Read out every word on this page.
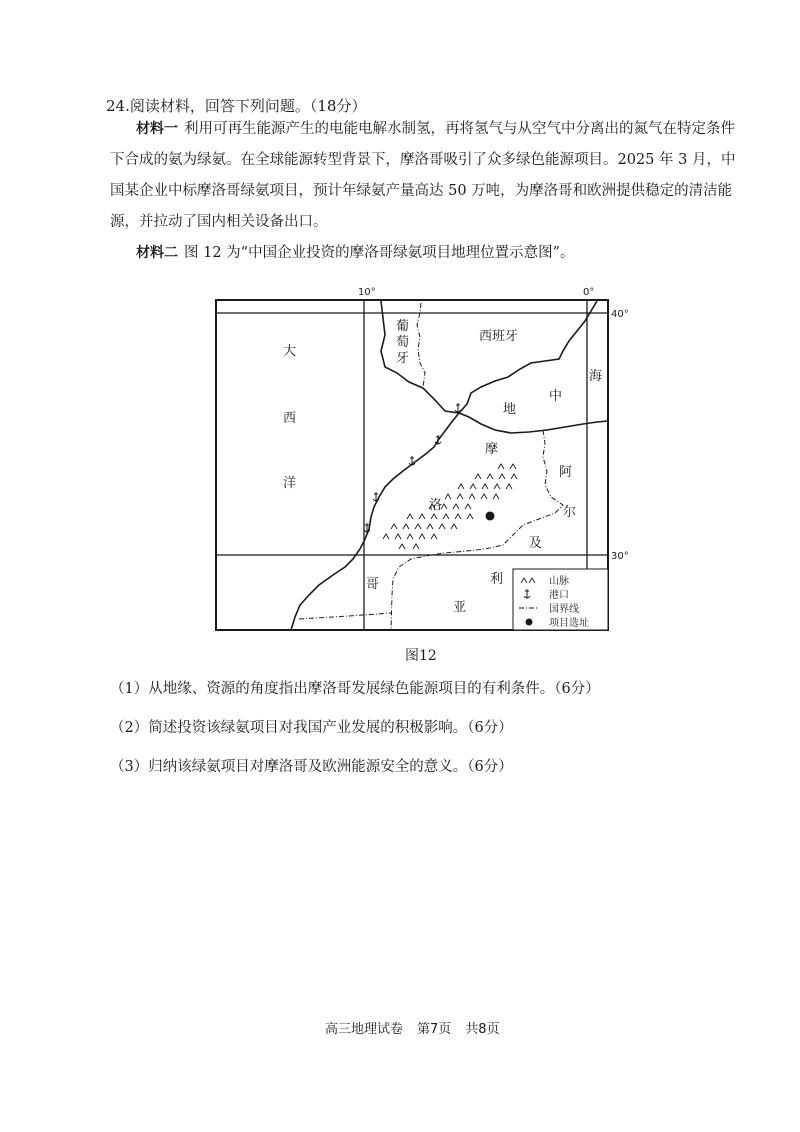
24.阅读材料，回答下列问题。（18分）
材料一 利用可再生能源产生的电能电解水制氢，再将氢气与从空气中分离出的氮气在特定条件下合成的氨为绿氨。在全球能源转型背景下，摩洛哥吸引了众多绿色能源项目。2025 年 3 月，中国某企业中标摩洛哥绿氨项目，预计年绿氨产量高达 50 万吨，为摩洛哥和欧洲提供稳定的清洁能源，并拉动了国内相关设备出口。
材料二 图 12 为“中国企业投资的摩洛哥绿氨项目地理位置示意图”。
10°	0°
40°
30°
大
西
洋
葡
萄
牙
西班牙
地
中
海
摩
洛
哥
阿
尔
及
利
亚
山脉
港口
国界线
项目选址
图12
（1）从地缘、资源的角度指出摩洛哥发展绿色能源项目的有利条件。（6分）
（2）简述投资该绿氨项目对我国产业发展的积极影响。（6分）
（3）归纳该绿氨项目对摩洛哥及欧洲能源安全的意义。（6分）
高三地理试卷 第7页 共8页
